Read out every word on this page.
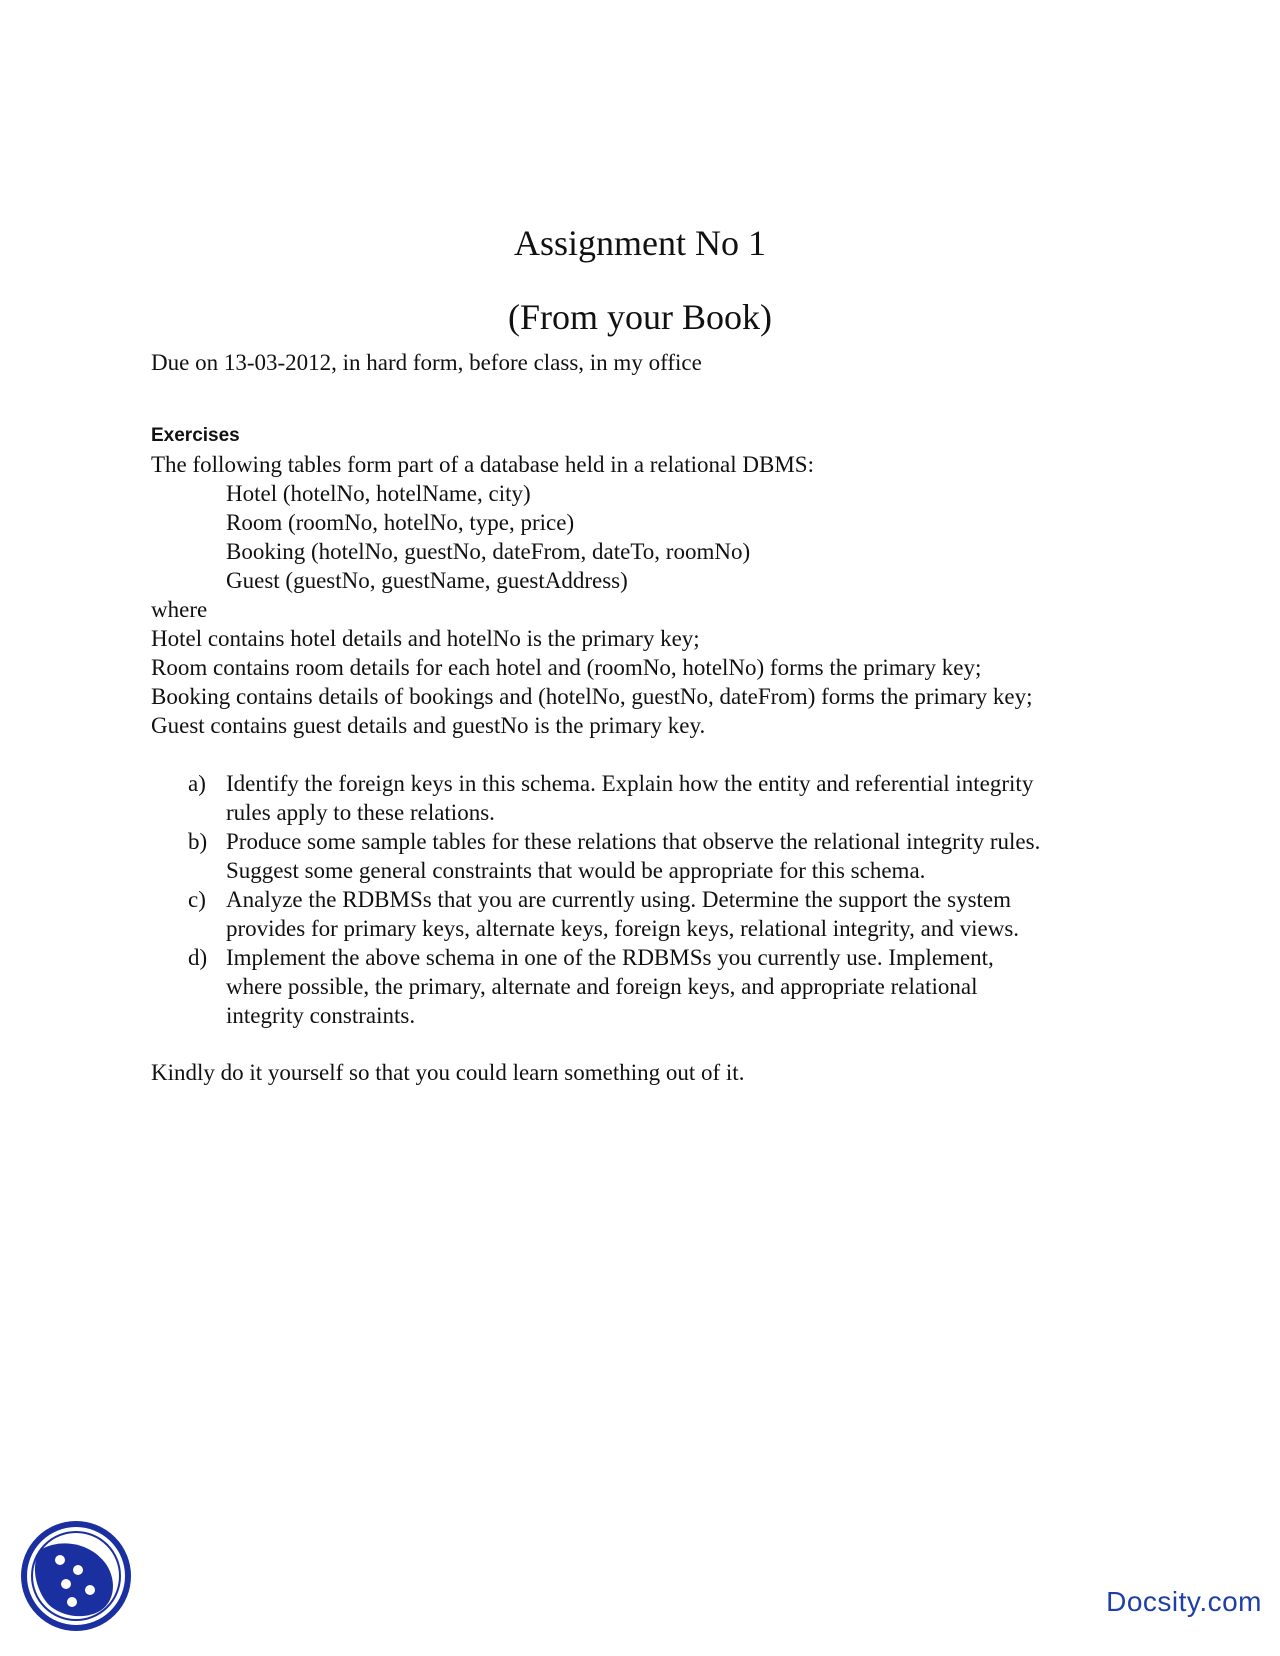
Assignment No 1
(From your Book)
Due on 13-03-2012, in hard form, before class, in my office
Exercises
The following tables form part of a database held in a relational DBMS:
Hotel (hotelNo, hotelName, city)
Room (roomNo, hotelNo, type, price)
Booking (hotelNo, guestNo, dateFrom, dateTo, roomNo)
Guest (guestNo, guestName, guestAddress)
where
Hotel contains hotel details and hotelNo is the primary key;
Room contains room details for each hotel and (roomNo, hotelNo) forms the primary key;
Booking contains details of bookings and (hotelNo, guestNo, dateFrom) forms the primary key;
Guest contains guest details and guestNo is the primary key.
a) Identify the foreign keys in this schema. Explain how the entity and referential integrity
rules apply to these relations.
b) Produce some sample tables for these relations that observe the relational integrity rules.
Suggest some general constraints that would be appropriate for this schema.
c) Analyze the RDBMSs that you are currently using. Determine the support the system
provides for primary keys, alternate keys, foreign keys, relational integrity, and views.
d) Implement the above schema in one of the RDBMSs you currently use. Implement,
where possible, the primary, alternate and foreign keys, and appropriate relational
integrity constraints.
Kindly do it yourself so that you could learn something out of it.
Docsity.com
